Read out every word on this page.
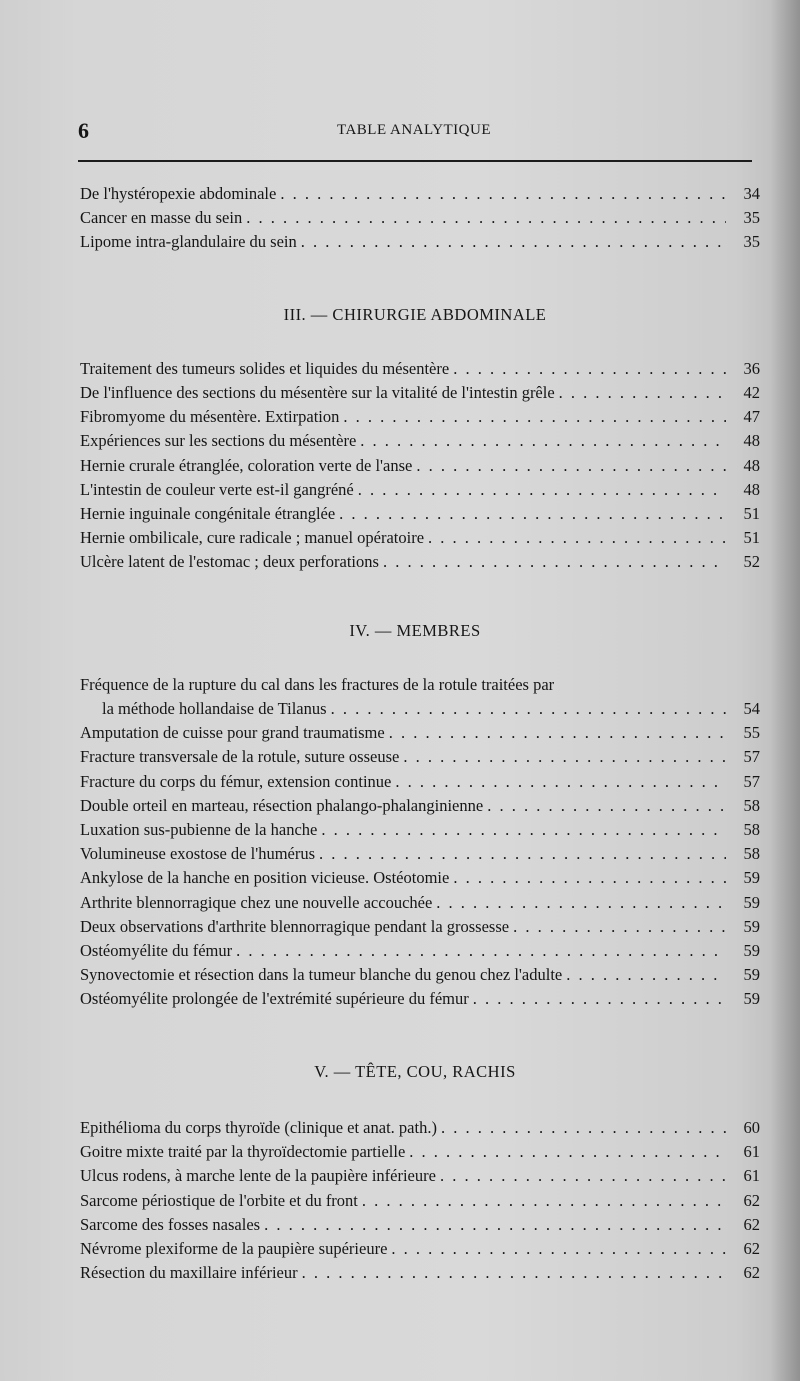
6	TABLE ANALYTIQUE
De l'hystéropexie abdominale . . .	34
Cancer en masse du sein . . .	35
Lipome intra-glandulaire du sein . . .	35
III. — CHIRURGIE ABDOMINALE
Traitement des tumeurs solides et liquides du mésentère . . .	36
De l'influence des sections du mésentère sur la vitalité de l'intestin grêle . . .	42
Fibromyome du mésentère. Extirpation . . .	47
Expériences sur les sections du mésentère . . .	48
Hernie crurale étranglée, coloration verte de l'anse . . .	48
L'intestin de couleur verte est-il gangréné . . .	48
Hernie inguinale congénitale étranglée . . .	51
Hernie ombilicale, cure radicale ; manuel opératoire . . .	51
Ulcère latent de l'estomac ; deux perforations . . .	52
IV. — MEMBRES
Fréquence de la rupture du cal dans les fractures de la rotule traitées par
la méthode hollandaise de Tilanus . . .	54
Amputation de cuisse pour grand traumatisme . . .	55
Fracture transversale de la rotule, suture osseuse . . .	57
Fracture du corps du fémur, extension continue . . .	57
Double orteil en marteau, résection phalango-phalanginienne . . .	58
Luxation sus-pubienne de la hanche . . .	58
Volumineuse exostose de l'humérus . . .	58
Ankylose de la hanche en position vicieuse. Ostéotomie . . .	59
Arthrite blennorragique chez une nouvelle accouchée . . .	59
Deux observations d'arthrite blennorragique pendant la grossesse . . .	59
Ostéomyélite du fémur . . .	59
Synovectomie et résection dans la tumeur blanche du genou chez l'adulte . . .	59
Ostéomyélite prolongée de l'extrémité supérieure du fémur . . .	59
V. — TÊTE, COU, RACHIS
Epithélioma du corps thyroïde (clinique et anat. path.) . . .	60
Goitre mixte traité par la thyroïdectomie partielle . . .	61
Ulcus rodens, à marche lente de la paupière inférieure . . .	61
Sarcome périostique de l'orbite et du front . . .	62
Sarcome des fosses nasales . . .	62
Névrome plexiforme de la paupière supérieure . . .	62
Résection du maxillaire inférieur . . .	62
